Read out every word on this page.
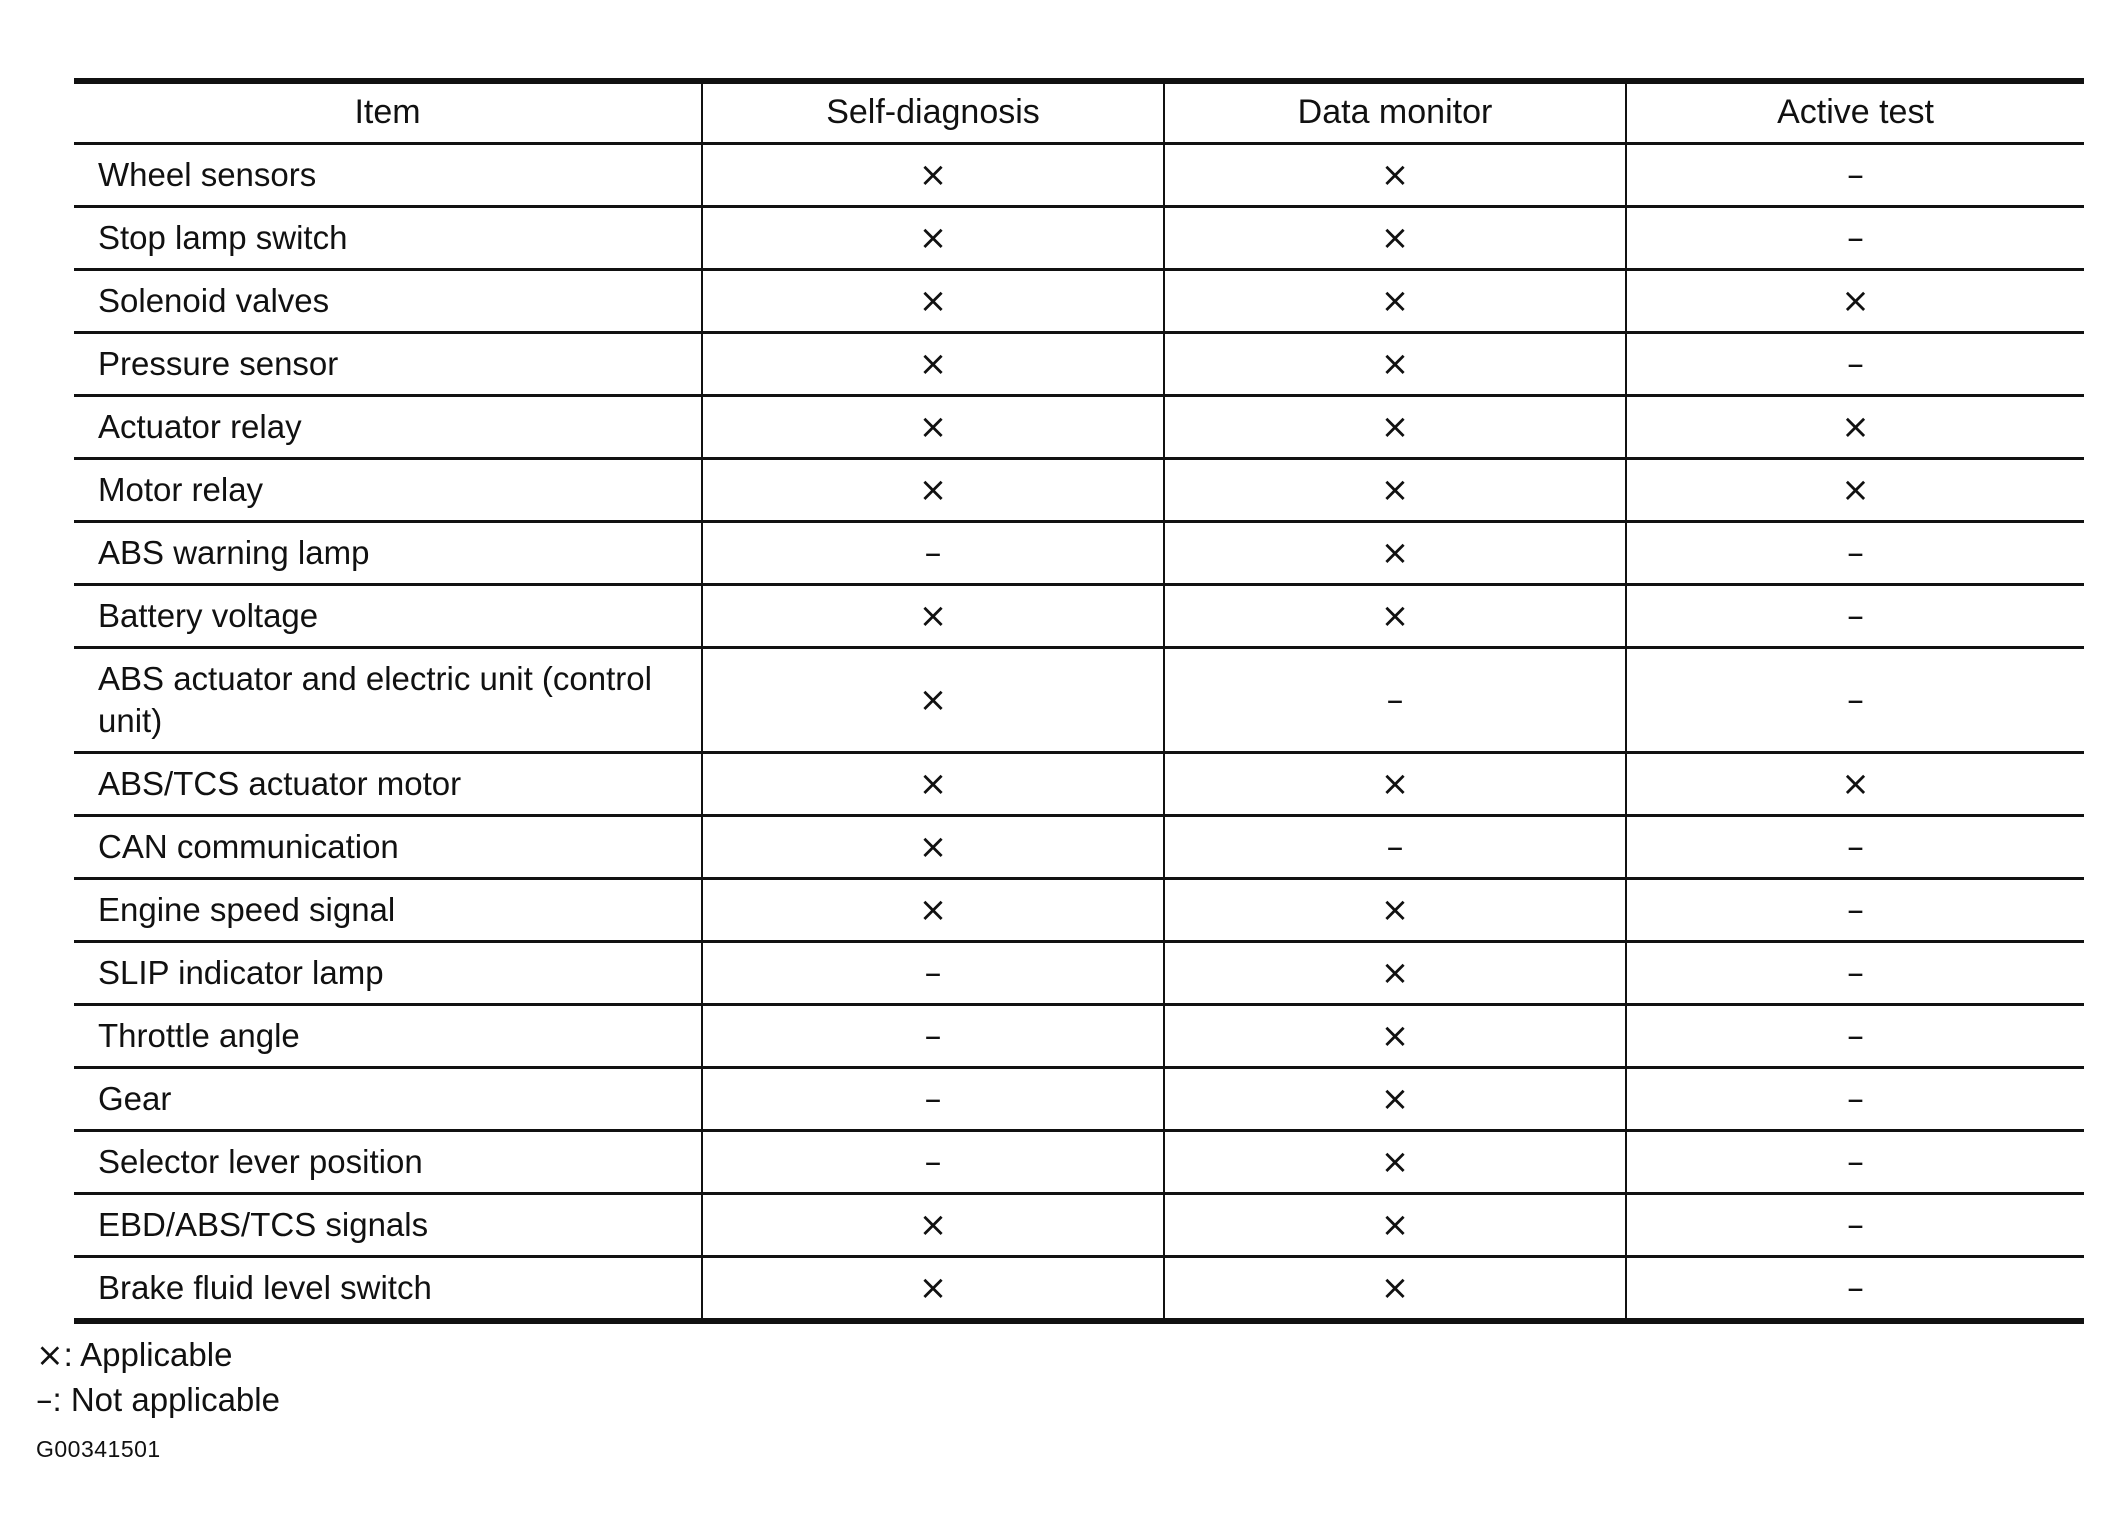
Item	Self-diagnosis	Data monitor	Active test
Wheel sensors	×	×	–
Stop lamp switch	×	×	–
Solenoid valves	×	×	×
Pressure sensor	×	×	–
Actuator relay	×	×	×
Motor relay	×	×	×
ABS warning lamp	–	×	–
Battery voltage	×	×	–
ABS actuator and electric unit (control unit)	×	–	–
ABS/TCS actuator motor	×	×	×
CAN communication	×	–	–
Engine speed signal	×	×	–
SLIP indicator lamp	–	×	–
Throttle angle	–	×	–
Gear	–	×	–
Selector lever position	–	×	–
EBD/ABS/TCS signals	×	×	–
Brake fluid level switch	×	×	–
×: Applicable
–: Not applicable
G00341501
